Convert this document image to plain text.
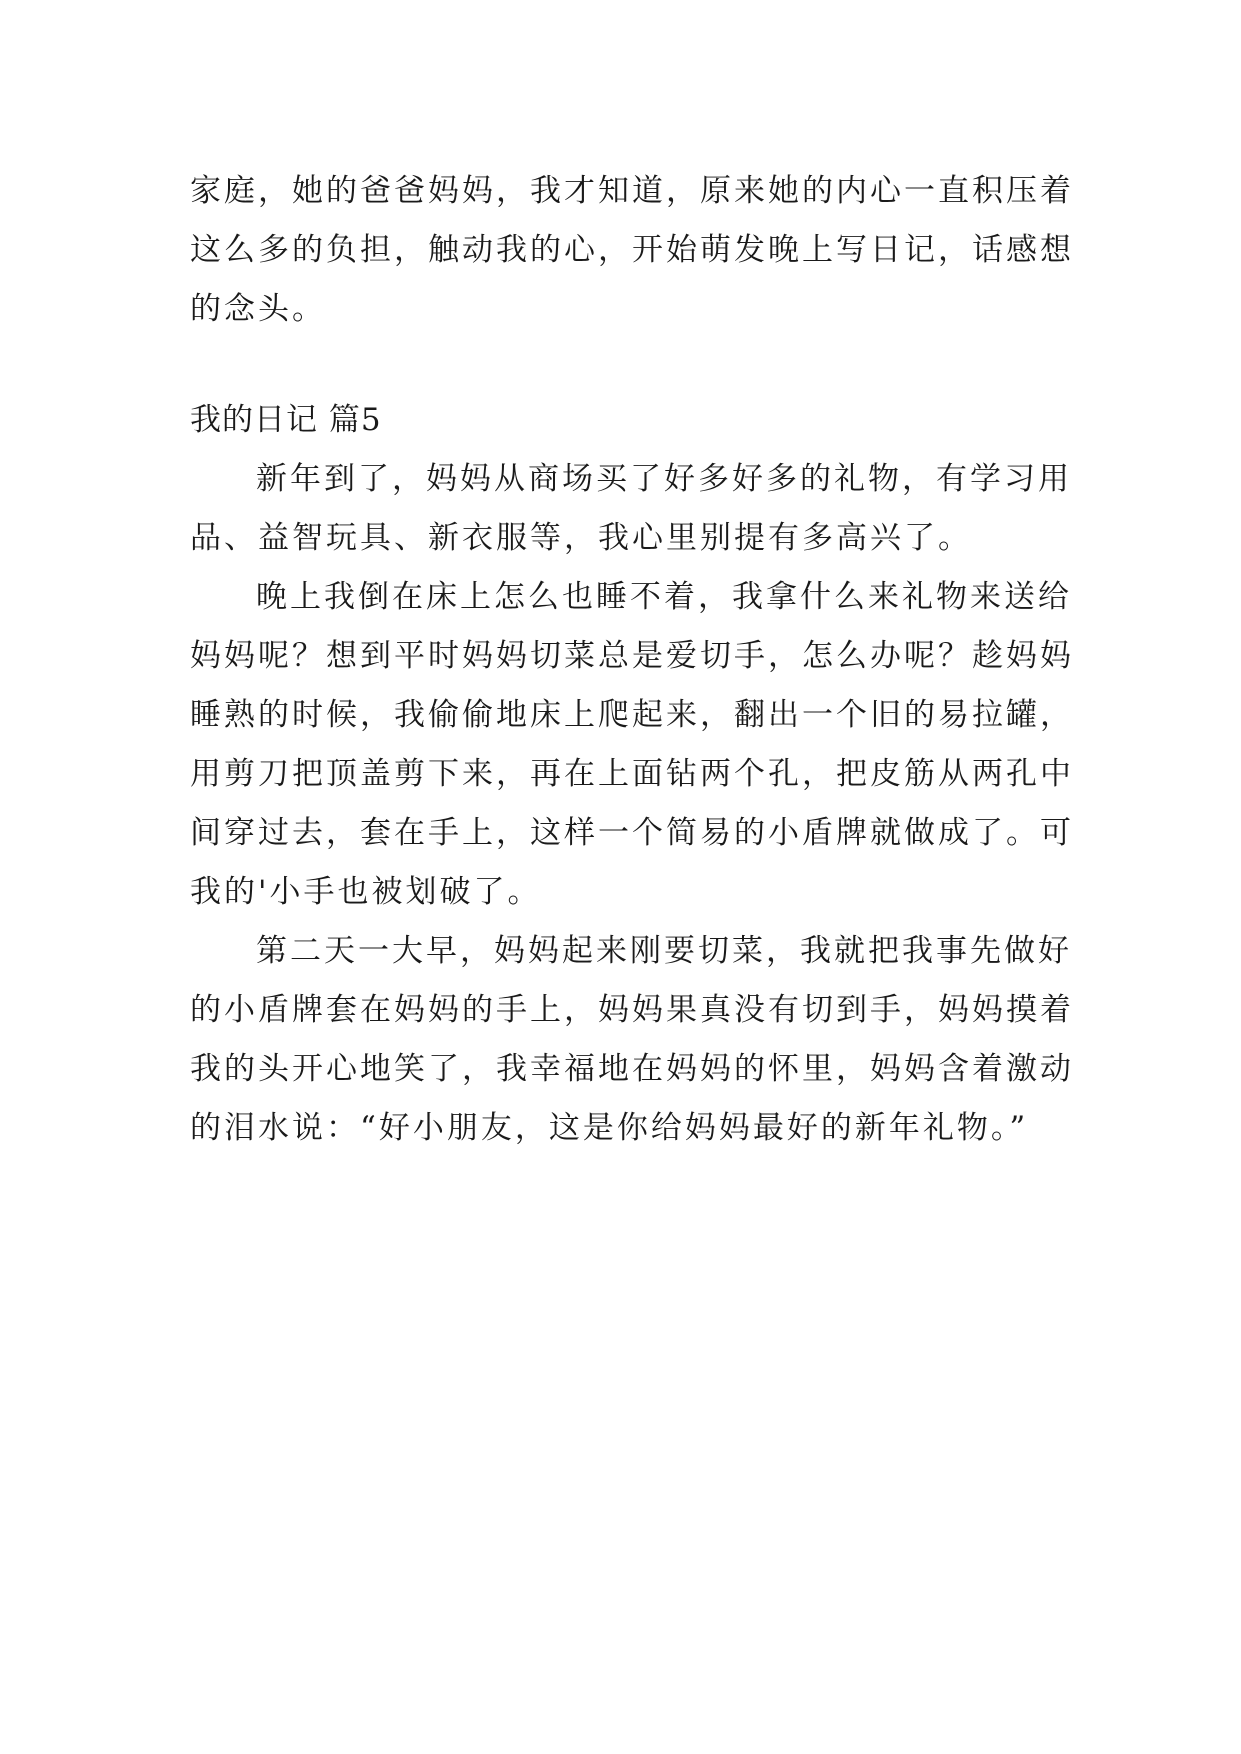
家庭，她的爸爸妈妈，我才知道，原来她的内心一直积压着
这么多的负担，触动我的心，开始萌发晚上写日记，话感想
的念头。
我的日记 篇5
新年到了，妈妈从商场买了好多好多的礼物，有学习用
品、益智玩具、新衣服等，我心里别提有多高兴了。
晚上我倒在床上怎么也睡不着，我拿什么来礼物来送给
妈妈呢？想到平时妈妈切菜总是爱切手，怎么办呢？趁妈妈
睡熟的时候，我偷偷地床上爬起来，翻出一个旧的易拉罐，
用剪刀把顶盖剪下来，再在上面钻两个孔，把皮筋从两孔中
间穿过去，套在手上，这样一个简易的小盾牌就做成了。可
我的'小手也被划破了。
第二天一大早，妈妈起来刚要切菜，我就把我事先做好
的小盾牌套在妈妈的手上，妈妈果真没有切到手，妈妈摸着
我的头开心地笑了，我幸福地在妈妈的怀里，妈妈含着激动
的泪水说：“好小朋友，这是你给妈妈最好的新年礼物。”
